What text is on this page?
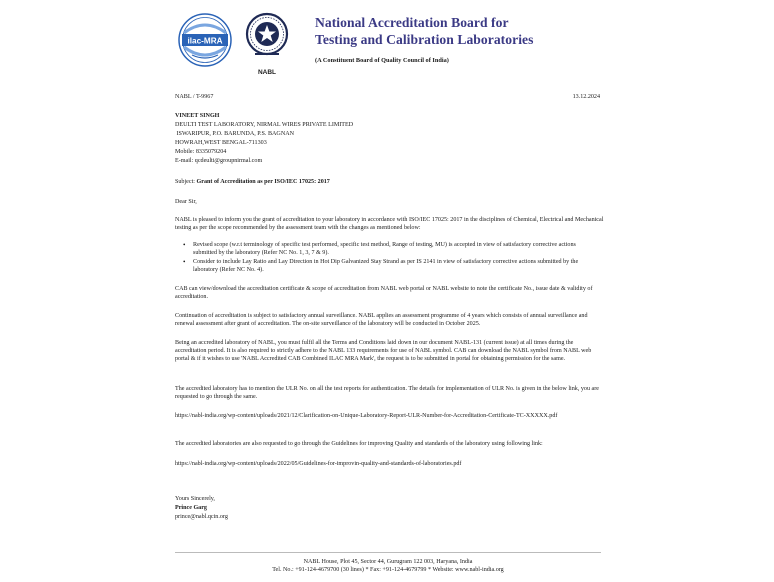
ilac-MRA
NABL
National Accreditation Board for
Testing and Calibration Laboratories
(A Constituent Board of Quality Council of India)
NABL / T-9967	13.12.2024
VINEET SINGH
DEULTI TEST LABORATORY, NIRMAL WIRES PRIVATE LIMITED
ISWARIPUR, P.O. BARUNDA, P.S. BAGNAN
HOWRAH,WEST BENGAL-711303
Mobile: 8335079204
E-mail: qcdeulti@groupnirmal.com
Subject: Grant of Accreditation as per ISO/IEC 17025: 2017
Dear Sir,
NABL is pleased to inform you the grant of accreditation to your laboratory in accordance with ISO/IEC 17025: 2017 in the disciplines of Chemical, Electrical and Mechanical testing as per the scope recommended by the assessment team with the changes as mentioned below:
• Revised scope (w.r.t terminology of specific test performed, specific test method, Range of testing, MU) is accepted in view of satisfactory corrective actions submitted by the laboratory (Refer NC No. 1, 3, 7 & 9).
• Consider to include Lay Ratio and Lay Direction in Hot Dip Galvanized Stay Strand as per IS 2141 in view of satisfactory corrective actions submitted by the laboratory (Refer NC No. 4).
CAB can view/download the accreditation certificate & scope of accreditation from NABL web portal or NABL website to note the certificate No., issue date & validity of accreditation.
Continuation of accreditation is subject to satisfactory annual surveillance. NABL applies an assessment programme of 4 years which consists of annual surveillance and renewal assessment after grant of accreditation. The on-site surveillance of the laboratory will be conducted in October 2025.
Being an accredited laboratory of NABL, you must fulfil all the Terms and Conditions laid down in our document NABL-131 (current issue) at all times during the accreditation period. It is also required to strictly adhere to the NABL 133 requirements for use of NABL symbol. CAB can download the NABL symbol from NABL web portal & if it wishes to use 'NABL Accredited CAB Combined ILAC MRA Mark', the request is to be submitted in portal for obtaining permission for the same.
The accredited laboratory has to mention the ULR No. on all the test reports for authentication. The details for implementation of ULR No. is given in the below link, you are requested to go through the same.
https://nabl-india.org/wp-content/uploads/2021/12/Clarification-on-Unique-Laboratory-Report-ULR-Number-for-Accreditation-Certificate-TC-XXXXX.pdf
The accredited laboratories are also requested to go through the Guidelines for improving Quality and standards of the laboratory using following link:
https://nabl-india.org/wp-content/uploads/2022/05/Guidelines-for-improvin-quality-and-standards-of-laboratories.pdf
Yours Sincerely,
Prince Garg
prince@nabl.qcin.org
NABL House, Plot 45, Sector 44, Gurugram 122 003, Haryana, India
Tel. No.: +91-124-4679700 (30 lines) * Fax: +91-124-4679799 * Website: www.nabl-india.org
